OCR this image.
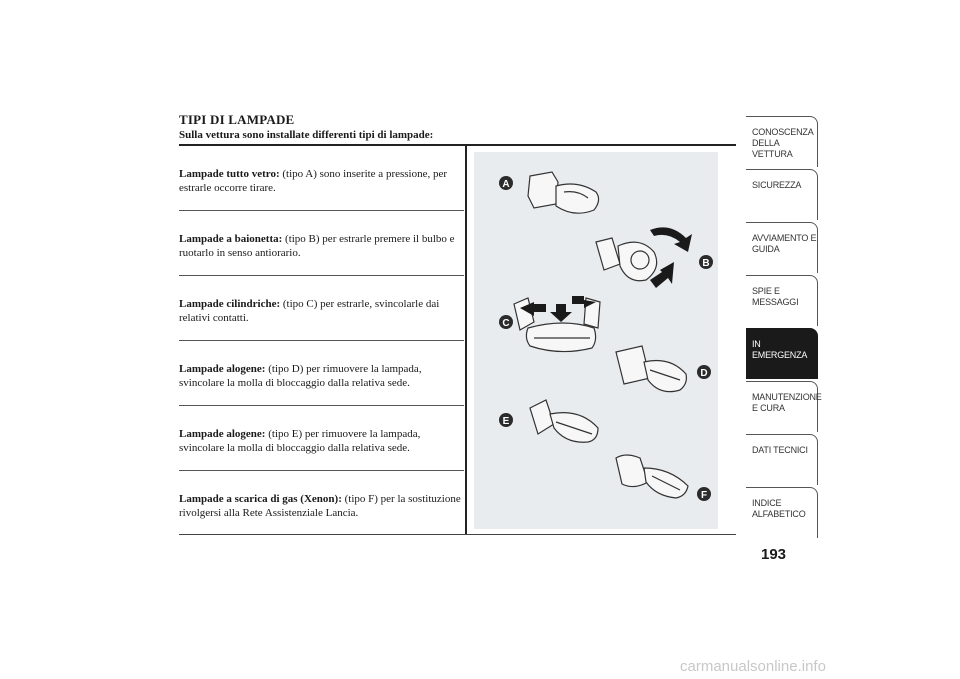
TIPI DI LAMPADE
Sulla vettura sono installate differenti tipi di lampade:
Lampade tutto vetro: (tipo A) sono inserite a pressione, per estrarle occorre tirare.
Lampade a baionetta: (tipo B) per estrarle premere il bulbo e ruotarlo in senso antiorario.
Lampade cilindriche: (tipo C) per estrarle, svincolarle dai relativi contatti.
Lampade alogene: (tipo D) per rimuovere la lampada, svincolare la molla di bloccaggio dalla relativa sede.
Lampade alogene: (tipo E) per rimuovere la lampada, svincolare la molla di bloccaggio dalla relativa sede.
Lampade a scarica di gas (Xenon): (tipo F) per la sostituzione rivolgersi alla Rete Assistenziale Lancia.
A
B
C
D
E
F
CONOSCENZA DELLA VETTURA
SICUREZZA
AVVIAMENTO E GUIDA
SPIE E MESSAGGI
IN EMERGENZA
MANUTENZIONE E CURA
DATI TECNICI
INDICE ALFABETICO
193
carmanualsonline.info
